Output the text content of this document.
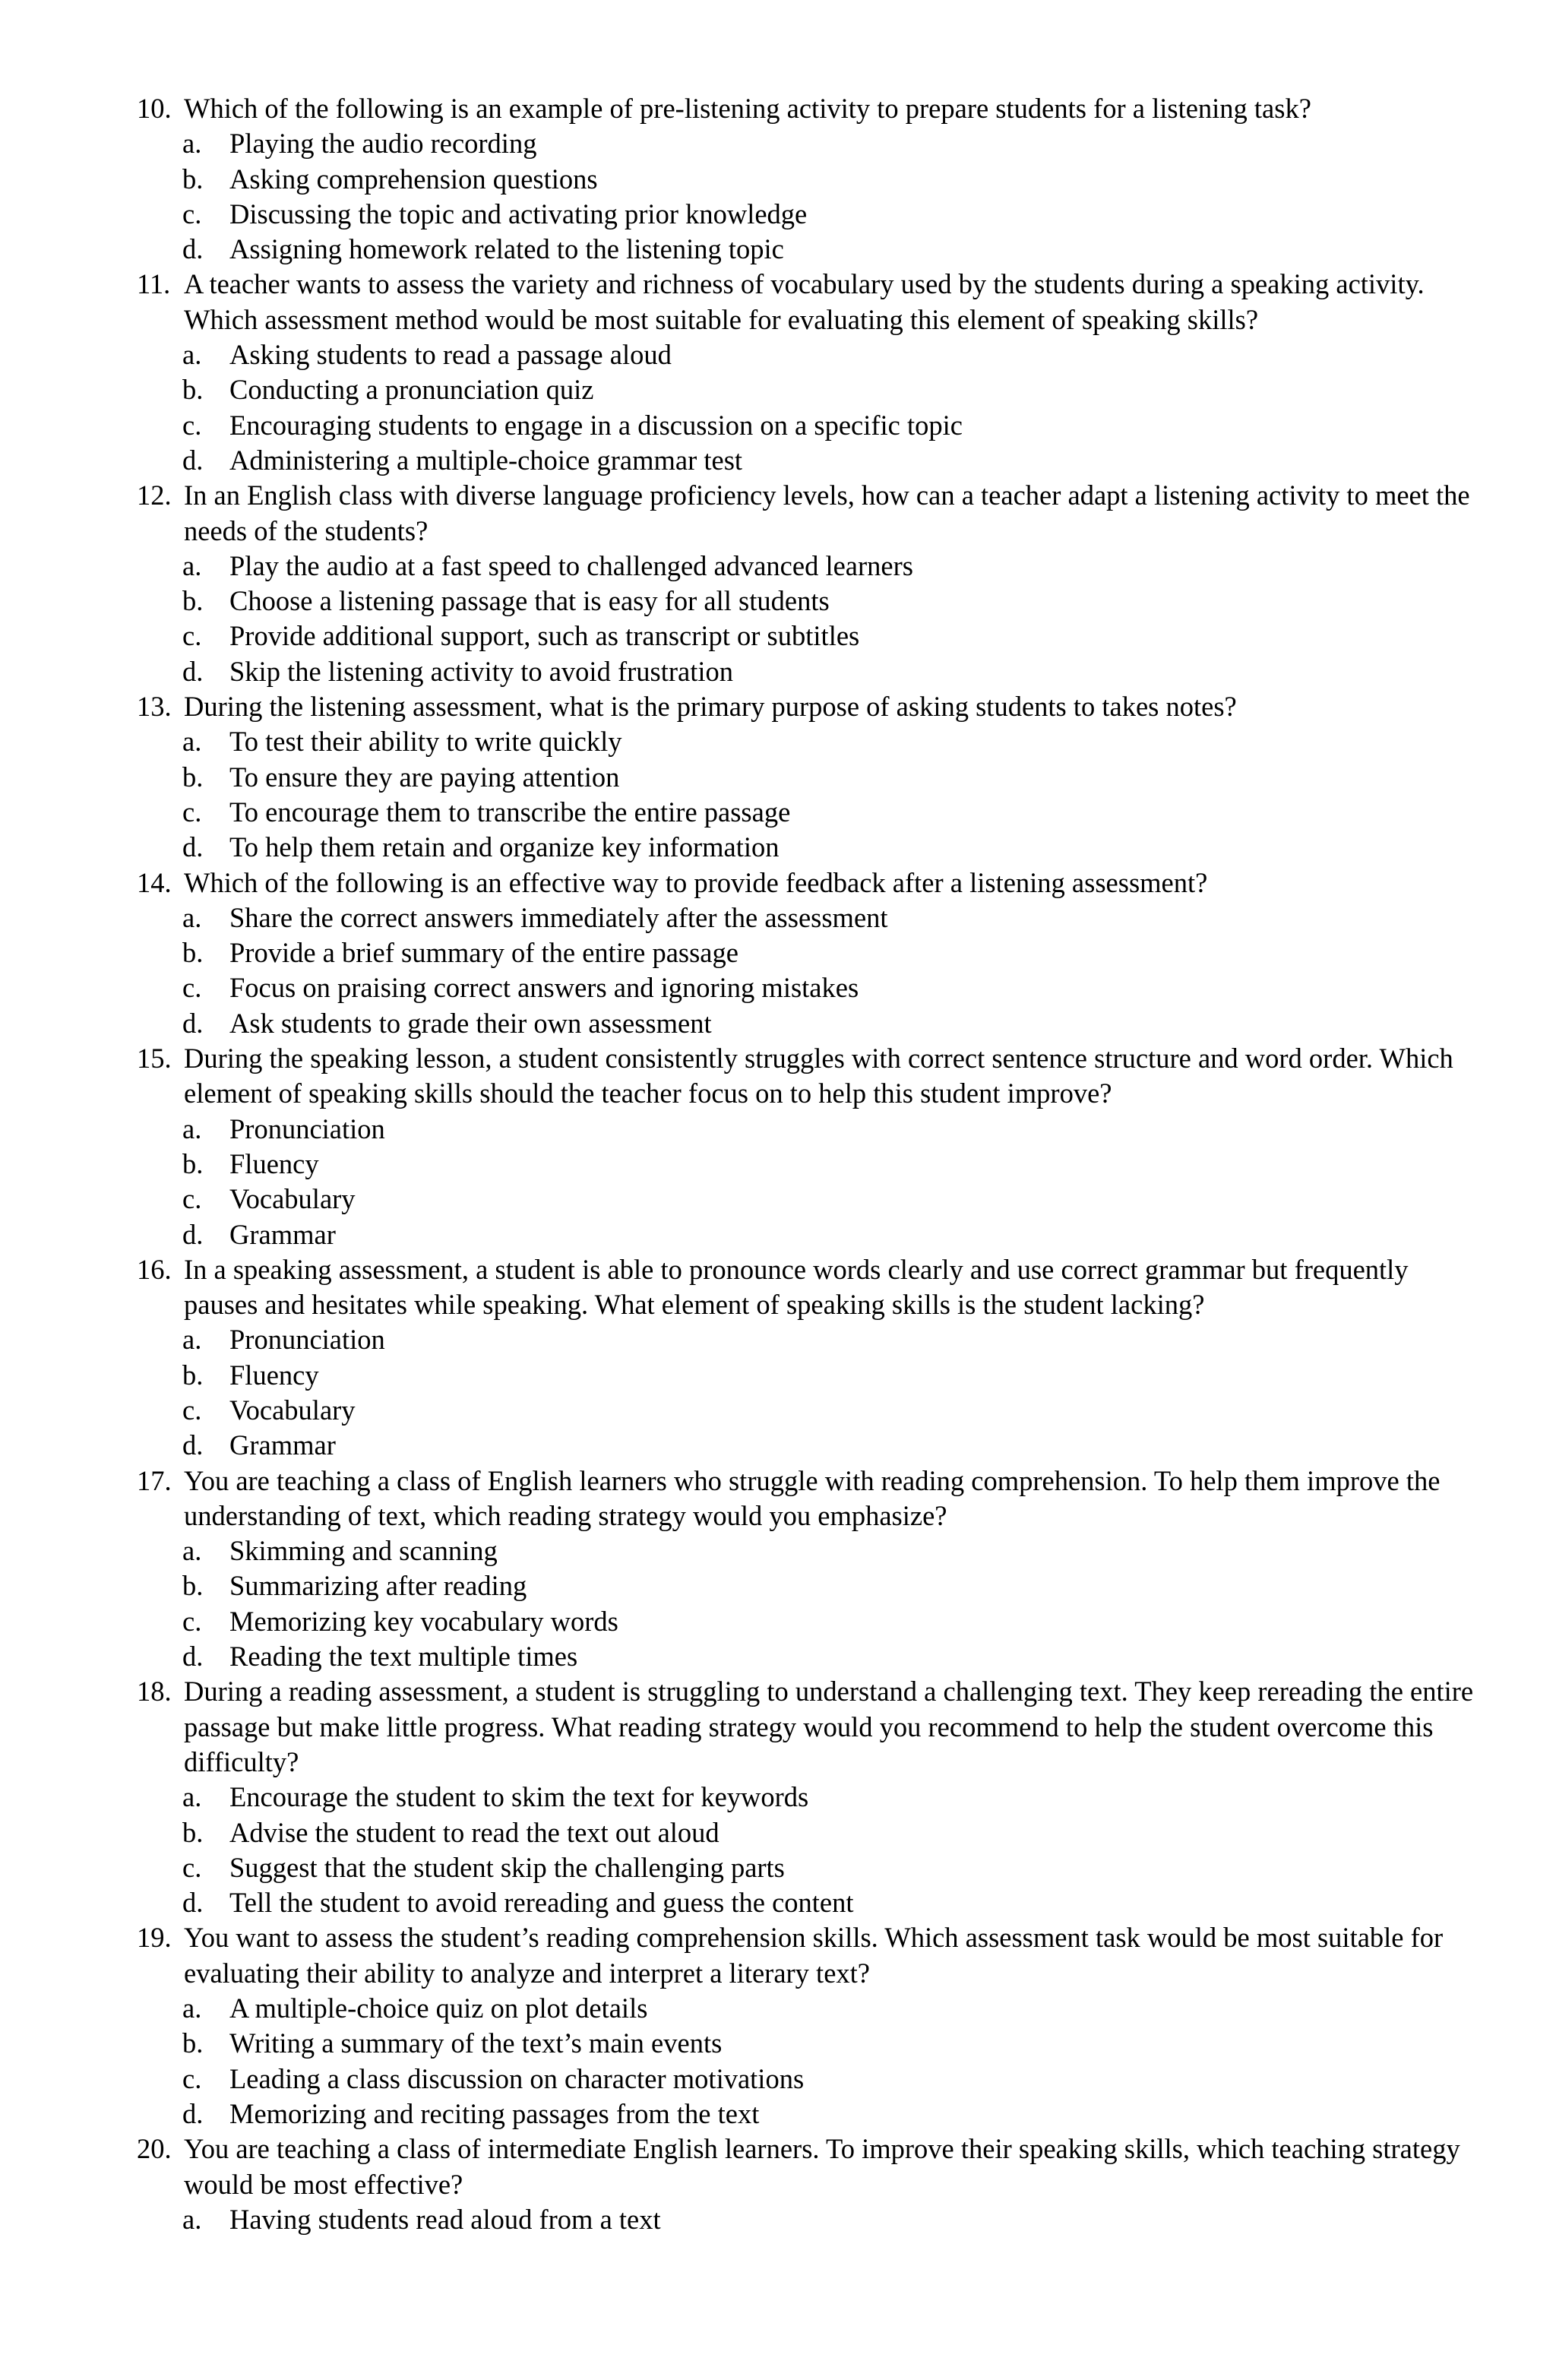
10. Which of the following is an example of pre-listening activity to prepare students for a listening task?
a. Playing the audio recording
b. Asking comprehension questions
c. Discussing the topic and activating prior knowledge
d. Assigning homework related to the listening topic
11. A teacher wants to assess the variety and richness of vocabulary used by the students during a speaking activity. Which assessment method would be most suitable for evaluating this element of speaking skills?
a. Asking students to read a passage aloud
b. Conducting a pronunciation quiz
c. Encouraging students to engage in a discussion on a specific topic
d. Administering a multiple-choice grammar test
12. In an English class with diverse language proficiency levels, how can a teacher adapt a listening activity to meet the needs of the students?
a. Play the audio at a fast speed to challenged advanced learners
b. Choose a listening passage that is easy for all students
c. Provide additional support, such as transcript or subtitles
d. Skip the listening activity to avoid frustration
13. During the listening assessment, what is the primary purpose of asking students to takes notes?
a. To test their ability to write quickly
b. To ensure they are paying attention
c. To encourage them to transcribe the entire passage
d. To help them retain and organize key information
14. Which of the following is an effective way to provide feedback after a listening assessment?
a. Share the correct answers immediately after the assessment
b. Provide a brief summary of the entire passage
c. Focus on praising correct answers and ignoring mistakes
d. Ask students to grade their own assessment
15. During the speaking lesson, a student consistently struggles with correct sentence structure and word order. Which element of speaking skills should the teacher focus on to help this student improve?
a. Pronunciation
b. Fluency
c. Vocabulary
d. Grammar
16. In a speaking assessment, a student is able to pronounce words clearly and use correct grammar but frequently pauses and hesitates while speaking. What element of speaking skills is the student lacking?
a. Pronunciation
b. Fluency
c. Vocabulary
d. Grammar
17. You are teaching a class of English learners who struggle with reading comprehension. To help them improve the understanding of text, which reading strategy would you emphasize?
a. Skimming and scanning
b. Summarizing after reading
c. Memorizing key vocabulary words
d. Reading the text multiple times
18. During a reading assessment, a student is struggling to understand a challenging text. They keep rereading the entire passage but make little progress. What reading strategy would you recommend to help the student overcome this difficulty?
a. Encourage the student to skim the text for keywords
b. Advise the student to read the text out aloud
c. Suggest that the student skip the challenging parts
d. Tell the student to avoid rereading and guess the content
19. You want to assess the student’s reading comprehension skills. Which assessment task would be most suitable for evaluating their ability to analyze and interpret a literary text?
a. A multiple-choice quiz on plot details
b. Writing a summary of the text’s main events
c. Leading a class discussion on character motivations
d. Memorizing and reciting passages from the text
20. You are teaching a class of intermediate English learners. To improve their speaking skills, which teaching strategy would be most effective?
a. Having students read aloud from a text
